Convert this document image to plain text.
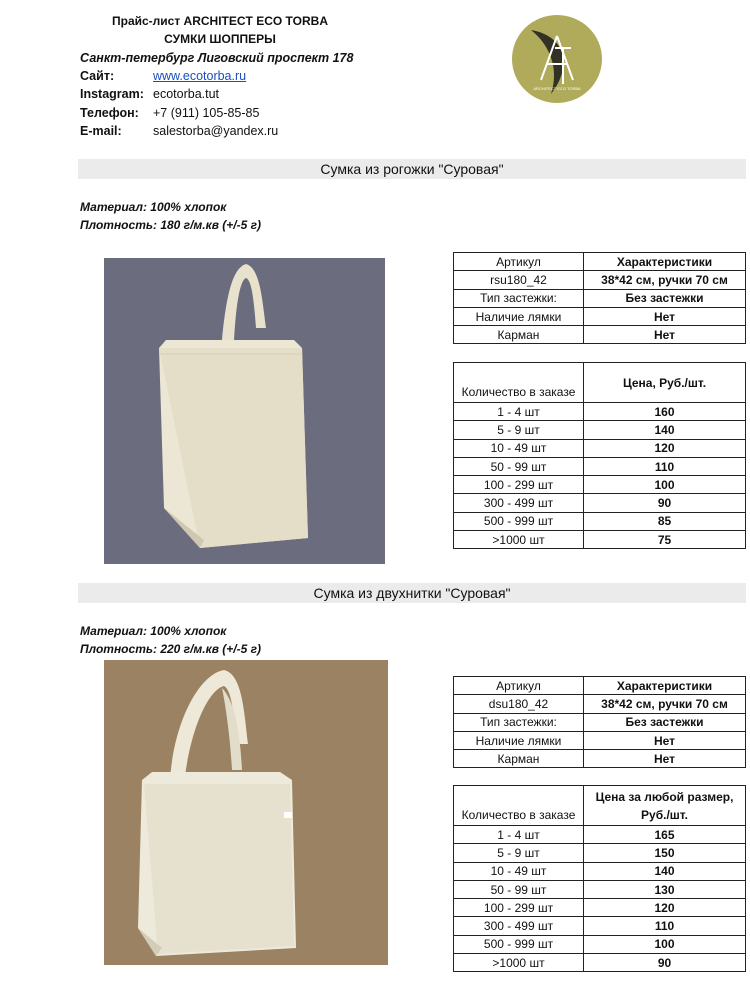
Прайс-лист ARCHITECT ECO TORBA
СУМКИ ШОППЕРЫ
Санкт-петербург Лиговский проспект 178
Сайт:	www.ecotorba.ru
Instagram: ecotorba.tut
Телефон: +7 (911) 105-85-85
E-mail:	salestorba@yandex.ru
ARCHITECT ECO TORBA
Сумка из рогожки "Суровая"
Материал: 100% хлопок
Плотность: 180 г/м.кв (+/-5 г)
Артикул	Характеристики
rsu180_42	38*42 см, ручки 70 см
Тип застежки:	Без застежки
Наличие лямки	Нет
Карман	Нет
Количество в заказе	Цена, Руб./шт.
1 - 4 шт	160
5 - 9 шт	140
10 - 49 шт	120
50 - 99 шт	110
100 - 299 шт	100
300 - 499 шт	90
500 - 999 шт	85
>1000 шт	75
Сумка из двухнитки "Суровая"
Материал: 100% хлопок
Плотность: 220 г/м.кв (+/-5 г)
Артикул	Характеристики
dsu180_42	38*42 см, ручки 70 см
Тип застежки:	Без застежки
Наличие лямки	Нет
Карман	Нет
Количество в заказе	Цена за любой размер,
Руб./шт.
1 - 4 шт	165
5 - 9 шт	150
10 - 49 шт	140
50 - 99 шт	130
100 - 299 шт	120
300 - 499 шт	110
500 - 999 шт	100
>1000 шт	90
